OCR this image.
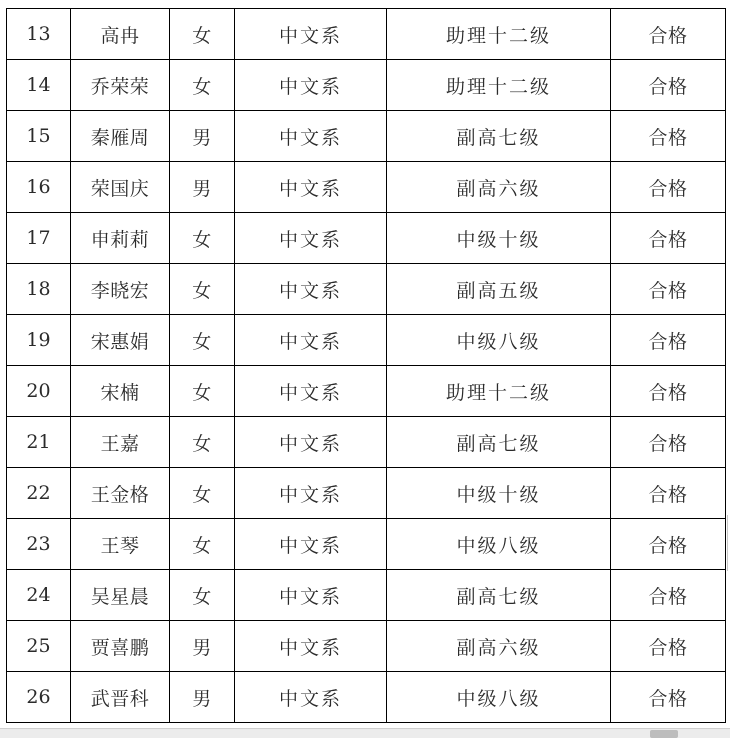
13	高冉	女	中文系	助理十二级	合格
14	乔荣荣	女	中文系	助理十二级	合格
15	秦雁周	男	中文系	副高七级	合格
16	荣国庆	男	中文系	副高六级	合格
17	申莉莉	女	中文系	中级十级	合格
18	李晓宏	女	中文系	副高五级	合格
19	宋惠娟	女	中文系	中级八级	合格
20	宋楠	女	中文系	助理十二级	合格
21	王嘉	女	中文系	副高七级	合格
22	王金格	女	中文系	中级十级	合格
23	王琴	女	中文系	中级八级	合格
24	吴星晨	女	中文系	副高七级	合格
25	贾喜鹏	男	中文系	副高六级	合格
26	武晋科	男	中文系	中级八级	合格
